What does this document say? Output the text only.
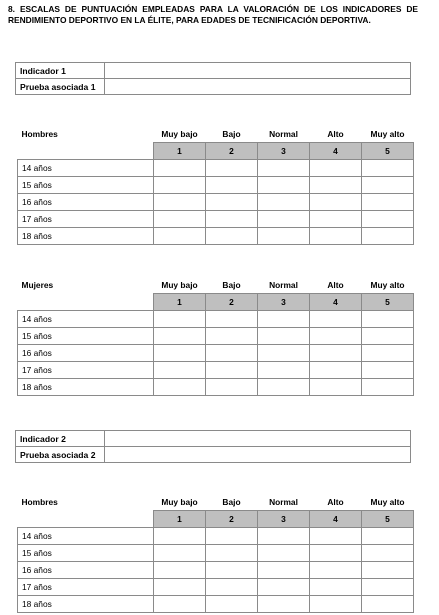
8. ESCALAS DE PUNTUACIÓN EMPLEADAS PARA LA VALORACIÓN DE LOS INDICADORES DE RENDIMIENTO DEPORTIVO EN LA ÉLITE, PARA EDADES DE TECNIFICACIÓN DEPORTIVA.
Indicador 1	
Prueba asociada 1	
Hombres	Muy bajo	Bajo	Normal	Alto	Muy alto
	1	2	3	4	5
14 años					
15 años					
16 años					
17 años					
18 años					
Mujeres	Muy bajo	Bajo	Normal	Alto	Muy alto
	1	2	3	4	5
14 años					
15 años					
16 años					
17 años					
18 años					
Indicador 2	
Prueba asociada 2	
Hombres	Muy bajo	Bajo	Normal	Alto	Muy alto
	1	2	3	4	5
14 años					
15 años					
16 años					
17 años					
18 años					
